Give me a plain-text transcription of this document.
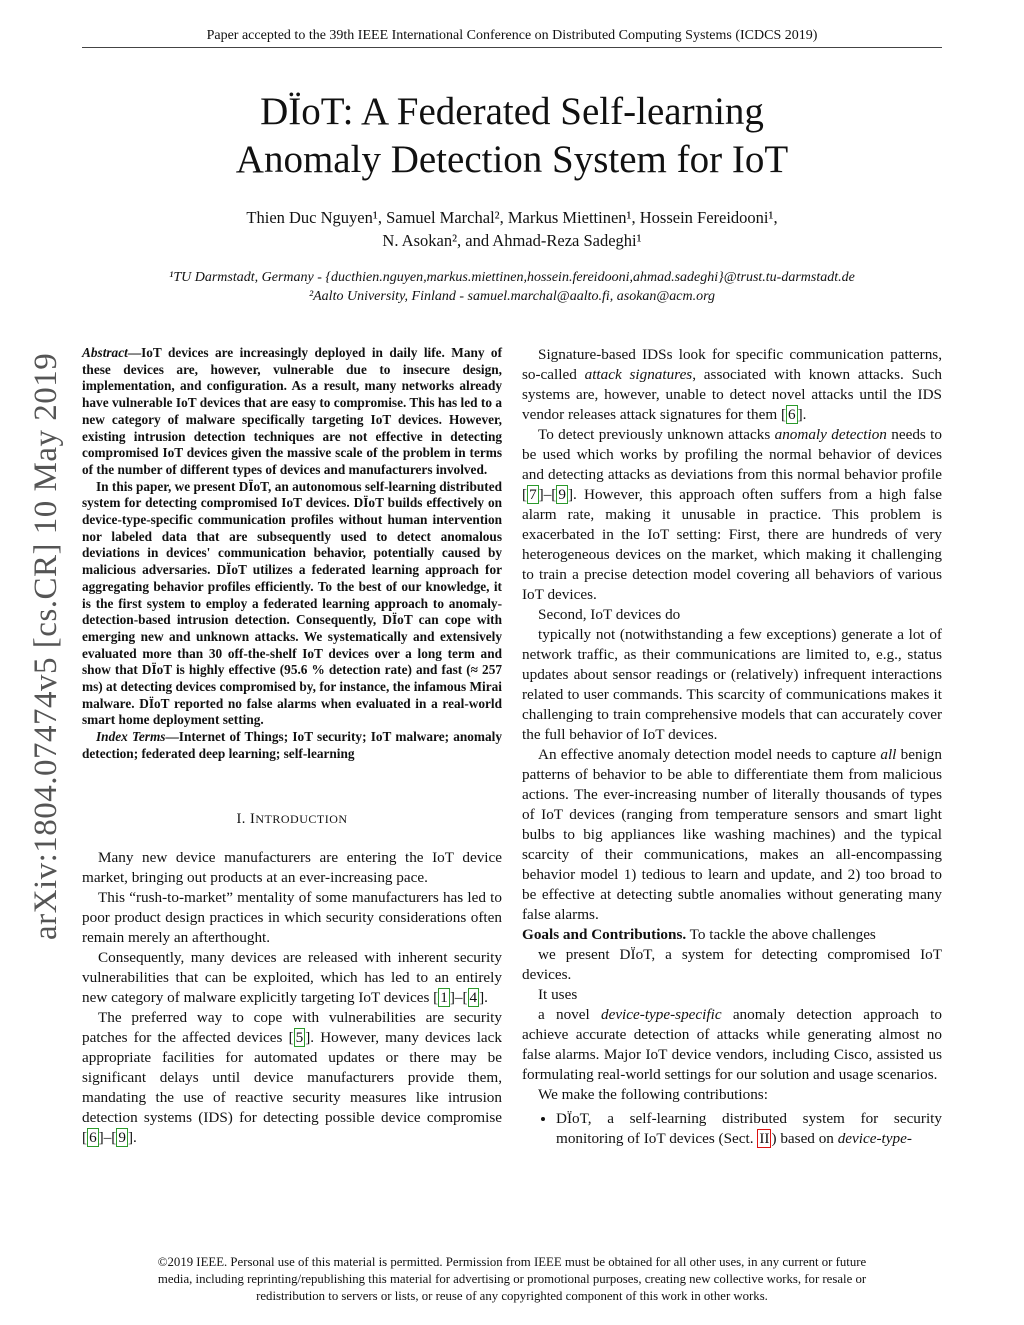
Paper accepted to the 39th IEEE International Conference on Distributed Computing Systems (ICDCS 2019)
DÏoT: A Federated Self-learning
Anomaly Detection System for IoT
Thien Duc Nguyen¹, Samuel Marchal², Markus Miettinen¹, Hossein Fereidooni¹,
N. Asokan², and Ahmad-Reza Sadeghi¹
¹TU Darmstadt, Germany - {ducthien.nguyen,markus.miettinen,hossein.fereidooni,ahmad.sadeghi}@trust.tu-darmstadt.de
²Aalto University, Finland - samuel.marchal@aalto.fi, asokan@acm.org
arXiv:1804.07474v5 [cs.CR] 10 May 2019

Abstract—IoT devices are increasingly deployed in daily life. Many of these devices are, however, vulnerable due to insecure design, implementation, and configuration. As a result, many networks already have vulnerable IoT devices that are easy to compromise. This has led to a new category of malware specifically targeting IoT devices. However, existing intrusion detection techniques are not effective in detecting compromised IoT devices given the massive scale of the problem in terms of the number of different types of devices and manufacturers involved.

In this paper, we present DÏoT, an autonomous self-learning distributed system for detecting compromised IoT devices. DÏoT builds effectively on device-type-specific communication profiles without human intervention nor labeled data that are subsequently used to detect anomalous deviations in devices' communication behavior, potentially caused by malicious adversaries. DÏoT utilizes a federated learning approach for aggregating behavior profiles efficiently. To the best of our knowledge, it is the first system to employ a federated learning approach to anomaly-detection-based intrusion detection. Consequently, DÏoT can cope with emerging new and unknown attacks. We systematically and extensively evaluated more than 30 off-the-shelf IoT devices over a long term and show that DÏoT is highly effective (95.6 % detection rate) and fast (≈ 257 ms) at detecting devices compromised by, for instance, the infamous Mirai malware. DÏoT reported no false alarms when evaluated in a real-world smart home deployment setting.

Index Terms—Internet of Things; IoT security; IoT malware; anomaly detection; federated deep learning; self-learning

I. INTRODUCTION

Many new device manufacturers are entering the IoT device market, bringing out products at an ever-increasing pace.

This “rush-to-market” mentality of some manufacturers has led to poor product design practices in which security considerations often remain merely an afterthought.

Consequently, many devices are released with inherent security vulnerabilities that can be exploited, which has led to an entirely new category of malware explicitly targeting IoT devices [ 1 ]–[ 4 ].

The preferred way to cope with vulnerabilities are security patches for the affected devices [ 5 ]. However, many devices lack appropriate facilities for automated updates or there may be significant delays until device manufacturers provide them, mandating the use of reactive security measures like intrusion detection systems (IDS) for detecting possible device compromise [ 6 ]–[ 9 ].

Signature-based IDSs look for specific communication patterns, so-called attack signatures, associated with known attacks. Such systems are, however, unable to detect novel attacks until the IDS vendor releases attack signatures for them [ 6 ].

To detect previously unknown attacks anomaly detection needs to be used which works by profiling the normal behavior of devices and detecting attacks as deviations from this normal behavior profile [ 7 ]–[ 9 ]. However, this approach often suffers from a high false alarm rate, making it unusable in practice. This problem is exacerbated in the IoT setting: First, there are hundreds of very heterogeneous devices on the market, which making it challenging to train a precise detection model covering all behaviors of various IoT devices.

Second, IoT devices do

typically not (notwithstanding a few exceptions) generate a lot of network traffic, as their communications are limited to, e.g., status updates about sensor readings or (relatively) infrequent interactions related to user commands. This scarcity of communications makes it challenging to train comprehensive models that can accurately cover the full behavior of IoT devices.

An effective anomaly detection model needs to capture all benign patterns of behavior to be able to differentiate them from malicious actions. The ever-increasing number of literally thousands of types of IoT devices (ranging from temperature sensors and smart light bulbs to big appliances like washing machines) and the typical scarcity of their communications, makes an all-encompassing behavior model 1) tedious to learn and update, and 2) too broad to be effective at detecting subtle anomalies without generating many false alarms.

Goals and Contributions. To tackle the above challenges

we present DÏoT, a system for detecting compromised IoT devices.

It uses

a novel device-type-specific anomaly detection approach to achieve accurate detection of attacks while generating almost no false alarms. Major IoT device vendors, including Cisco, assisted us formulating real-world settings for our solution and usage scenarios.

We make the following contributions:

• DÏoT, a self-learning distributed system for security monitoring of IoT devices (Sect. II ) based on device-type-
©2019 IEEE. Personal use of this material is permitted. Permission from IEEE must be obtained for all other uses, in any current or future
media, including reprinting/republishing this material for advertising or promotional purposes, creating new collective works, for resale or
redistribution to servers or lists, or reuse of any copyrighted component of this work in other works.
